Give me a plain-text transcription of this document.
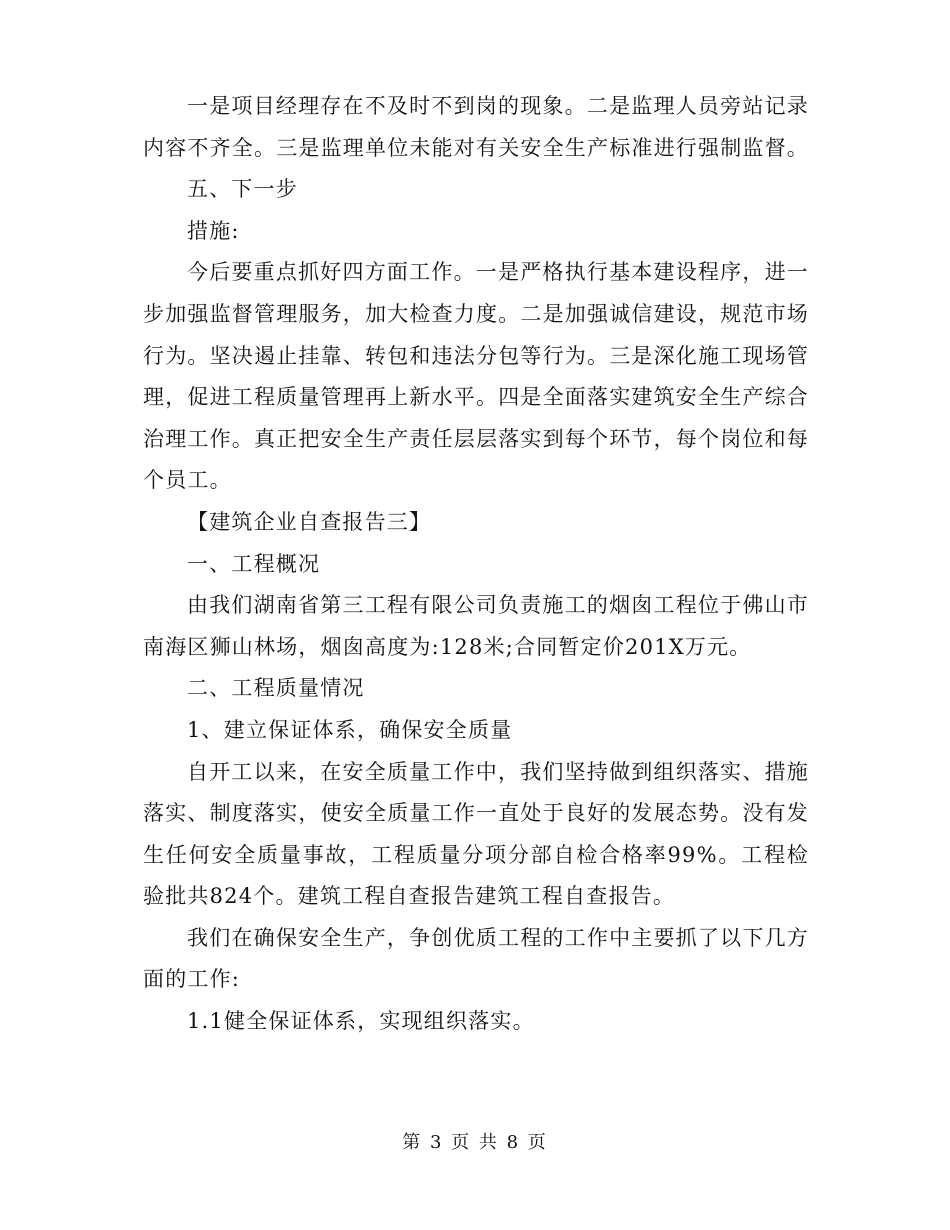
一是项目经理存在不及时不到岗的现象。二是监理人员旁站记录内容不齐全。三是监理单位未能对有关安全生产标准进行强制监督。

五、下一步

措施:

今后要重点抓好四方面工作。一是严格执行基本建设程序，进一步加强监督管理服务，加大检查力度。二是加强诚信建设，规范市场行为。坚决遏止挂靠、转包和违法分包等行为。三是深化施工现场管理，促进工程质量管理再上新水平。四是全面落实建筑安全生产综合治理工作。真正把安全生产责任层层落实到每个环节，每个岗位和每个员工。

【建筑企业自查报告三】

一、工程概况

由我们湖南省第三工程有限公司负责施工的烟囱工程位于佛山市南海区狮山林场，烟囱高度为:128米;合同暂定价201X万元。

二、工程质量情况

1、建立保证体系，确保安全质量

自开工以来，在安全质量工作中，我们坚持做到组织落实、措施落实、制度落实，使安全质量工作一直处于良好的发展态势。没有发生任何安全质量事故，工程质量分项分部自检合格率99%。工程检验批共824个。建筑工程自查报告建筑工程自查报告。

我们在确保安全生产，争创优质工程的工作中主要抓了以下几方面的工作:

1.1健全保证体系，实现组织落实。

第 3 页 共 8 页
